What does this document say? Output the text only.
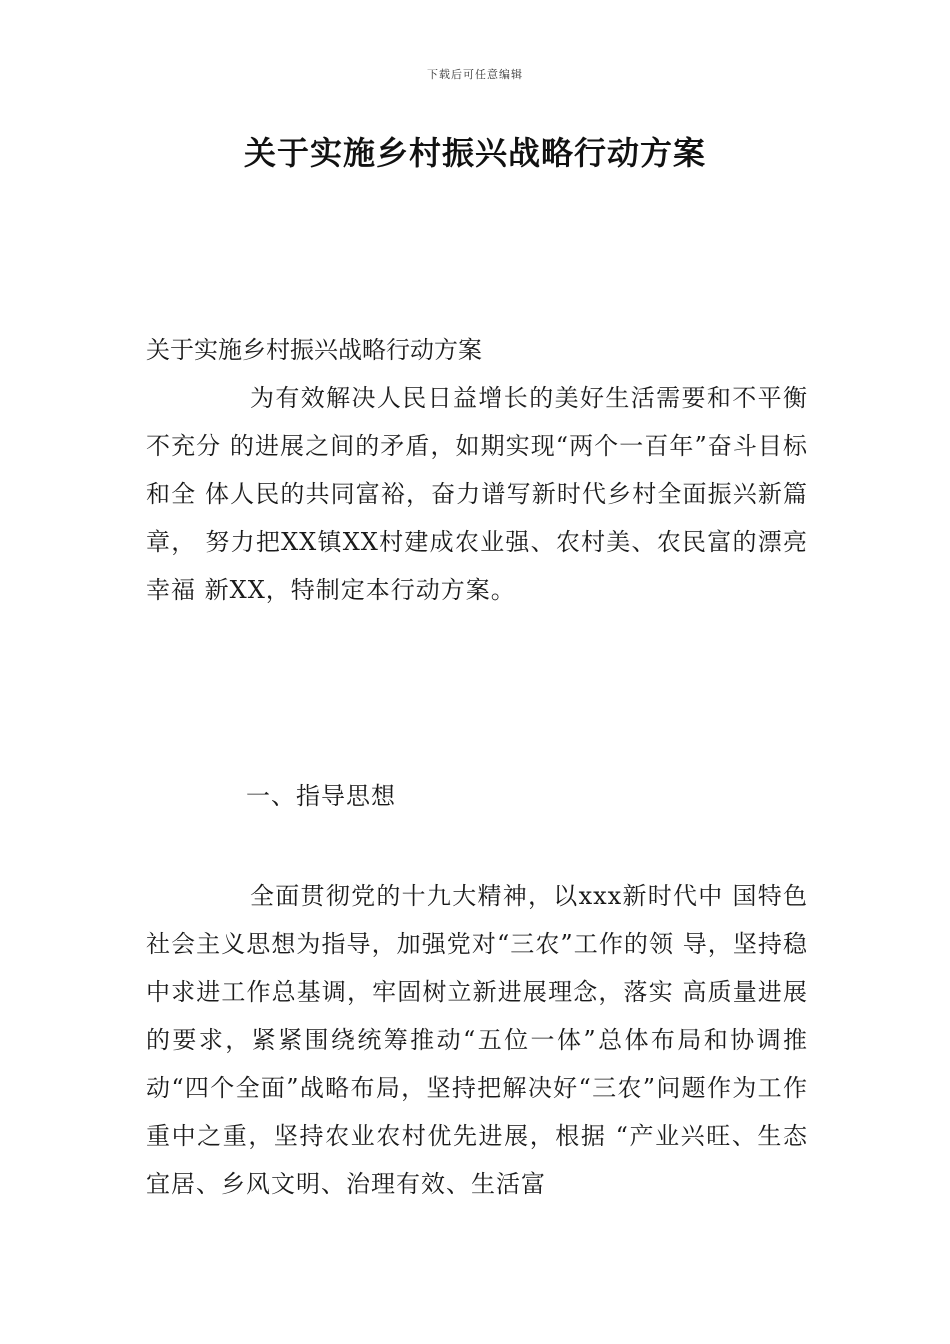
下载后可任意编辑
关于实施乡村振兴战略行动方案
关于实施乡村振兴战略行动方案

为有效解决人民日益增长的美好生活需要和不平衡不充分 的进展之间的矛盾，如期实现“两个一百年”奋斗目标和全 体人民的共同富裕，奋力谱写新时代乡村全面振兴新篇章， 努力把XX镇XX村建成农业强、农村美、农民富的漂亮幸福 新XX，特制定本行动方案。

一、指导思想

全面贯彻党的十九大精神，以xxx新时代中 国特色社会主义思想为指导，加强党对“三农”工作的领 导，坚持稳中求进工作总基调，牢固树立新进展理念，落实 高质量进展的要求，紧紧围绕统筹推动“五位一体”总体布局和协调推动“四个全面”战略布局，坚持把解决好“三农”问题作为工作重中之重，坚持农业农村优先进展，根据 “产业兴旺、生态宜居、乡风文明、治理有效、生活富
